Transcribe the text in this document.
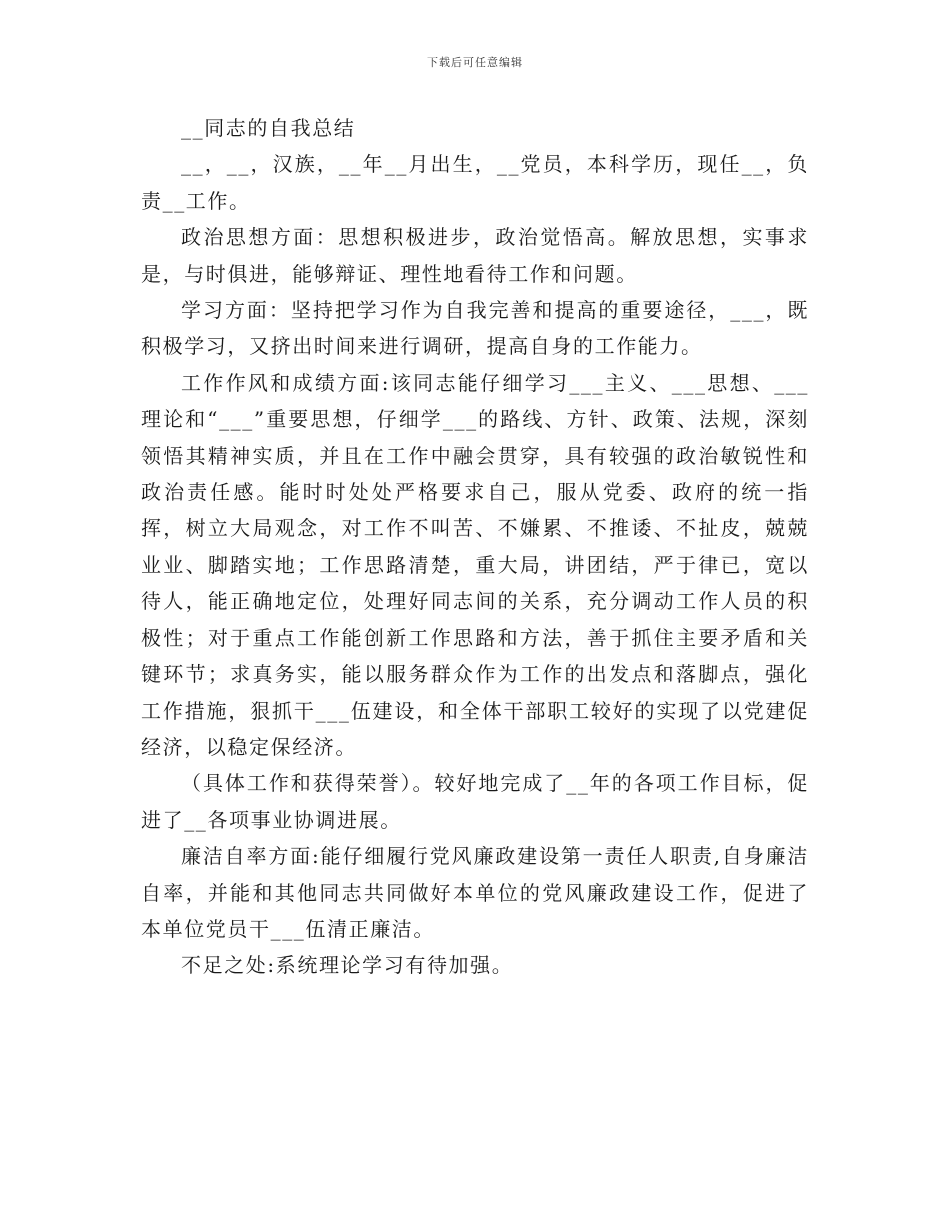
下载后可任意编辑

__同志的自我总结

__，__，汉族，__年__月出生，__党员，本科学历，现任__，负责__工作。

政治思想方面：思想积极进步，政治觉悟高。解放思想，实事求是，与时俱进，能够辩证、理性地看待工作和问题。

学习方面：坚持把学习作为自我完善和提高的重要途径，___，既积极学习，又挤出时间来进行调研，提高自身的工作能力。

工作作风和成绩方面:该同志能仔细学习___主义、___思想、___理论和“___”重要思想，仔细学___的路线、方针、政策、法规，深刻领悟其精神实质，并且在工作中融会贯穿，具有较强的政治敏锐性和政治责任感。能时时处处严格要求自己，服从党委、政府的统一指挥，树立大局观念，对工作不叫苦、不嫌累、不推诿、不扯皮，兢兢业业、脚踏实地；工作思路清楚，重大局，讲团结，严于律已，宽以待人，能正确地定位，处理好同志间的关系，充分调动工作人员的积极性；对于重点工作能创新工作思路和方法，善于抓住主要矛盾和关键环节；求真务实，能以服务群众作为工作的出发点和落脚点，强化工作措施，狠抓干___伍建设，和全体干部职工较好的实现了以党建促经济，以稳定保经济。

（具体工作和获得荣誉）。较好地完成了__年的各项工作目标，促进了__各项事业协调进展。

廉洁自率方面:能仔细履行党风廉政建设第一责任人职责,自身廉洁自率，并能和其他同志共同做好本单位的党风廉政建设工作，促进了本单位党员干___伍清正廉洁。

不足之处:系统理论学习有待加强。
